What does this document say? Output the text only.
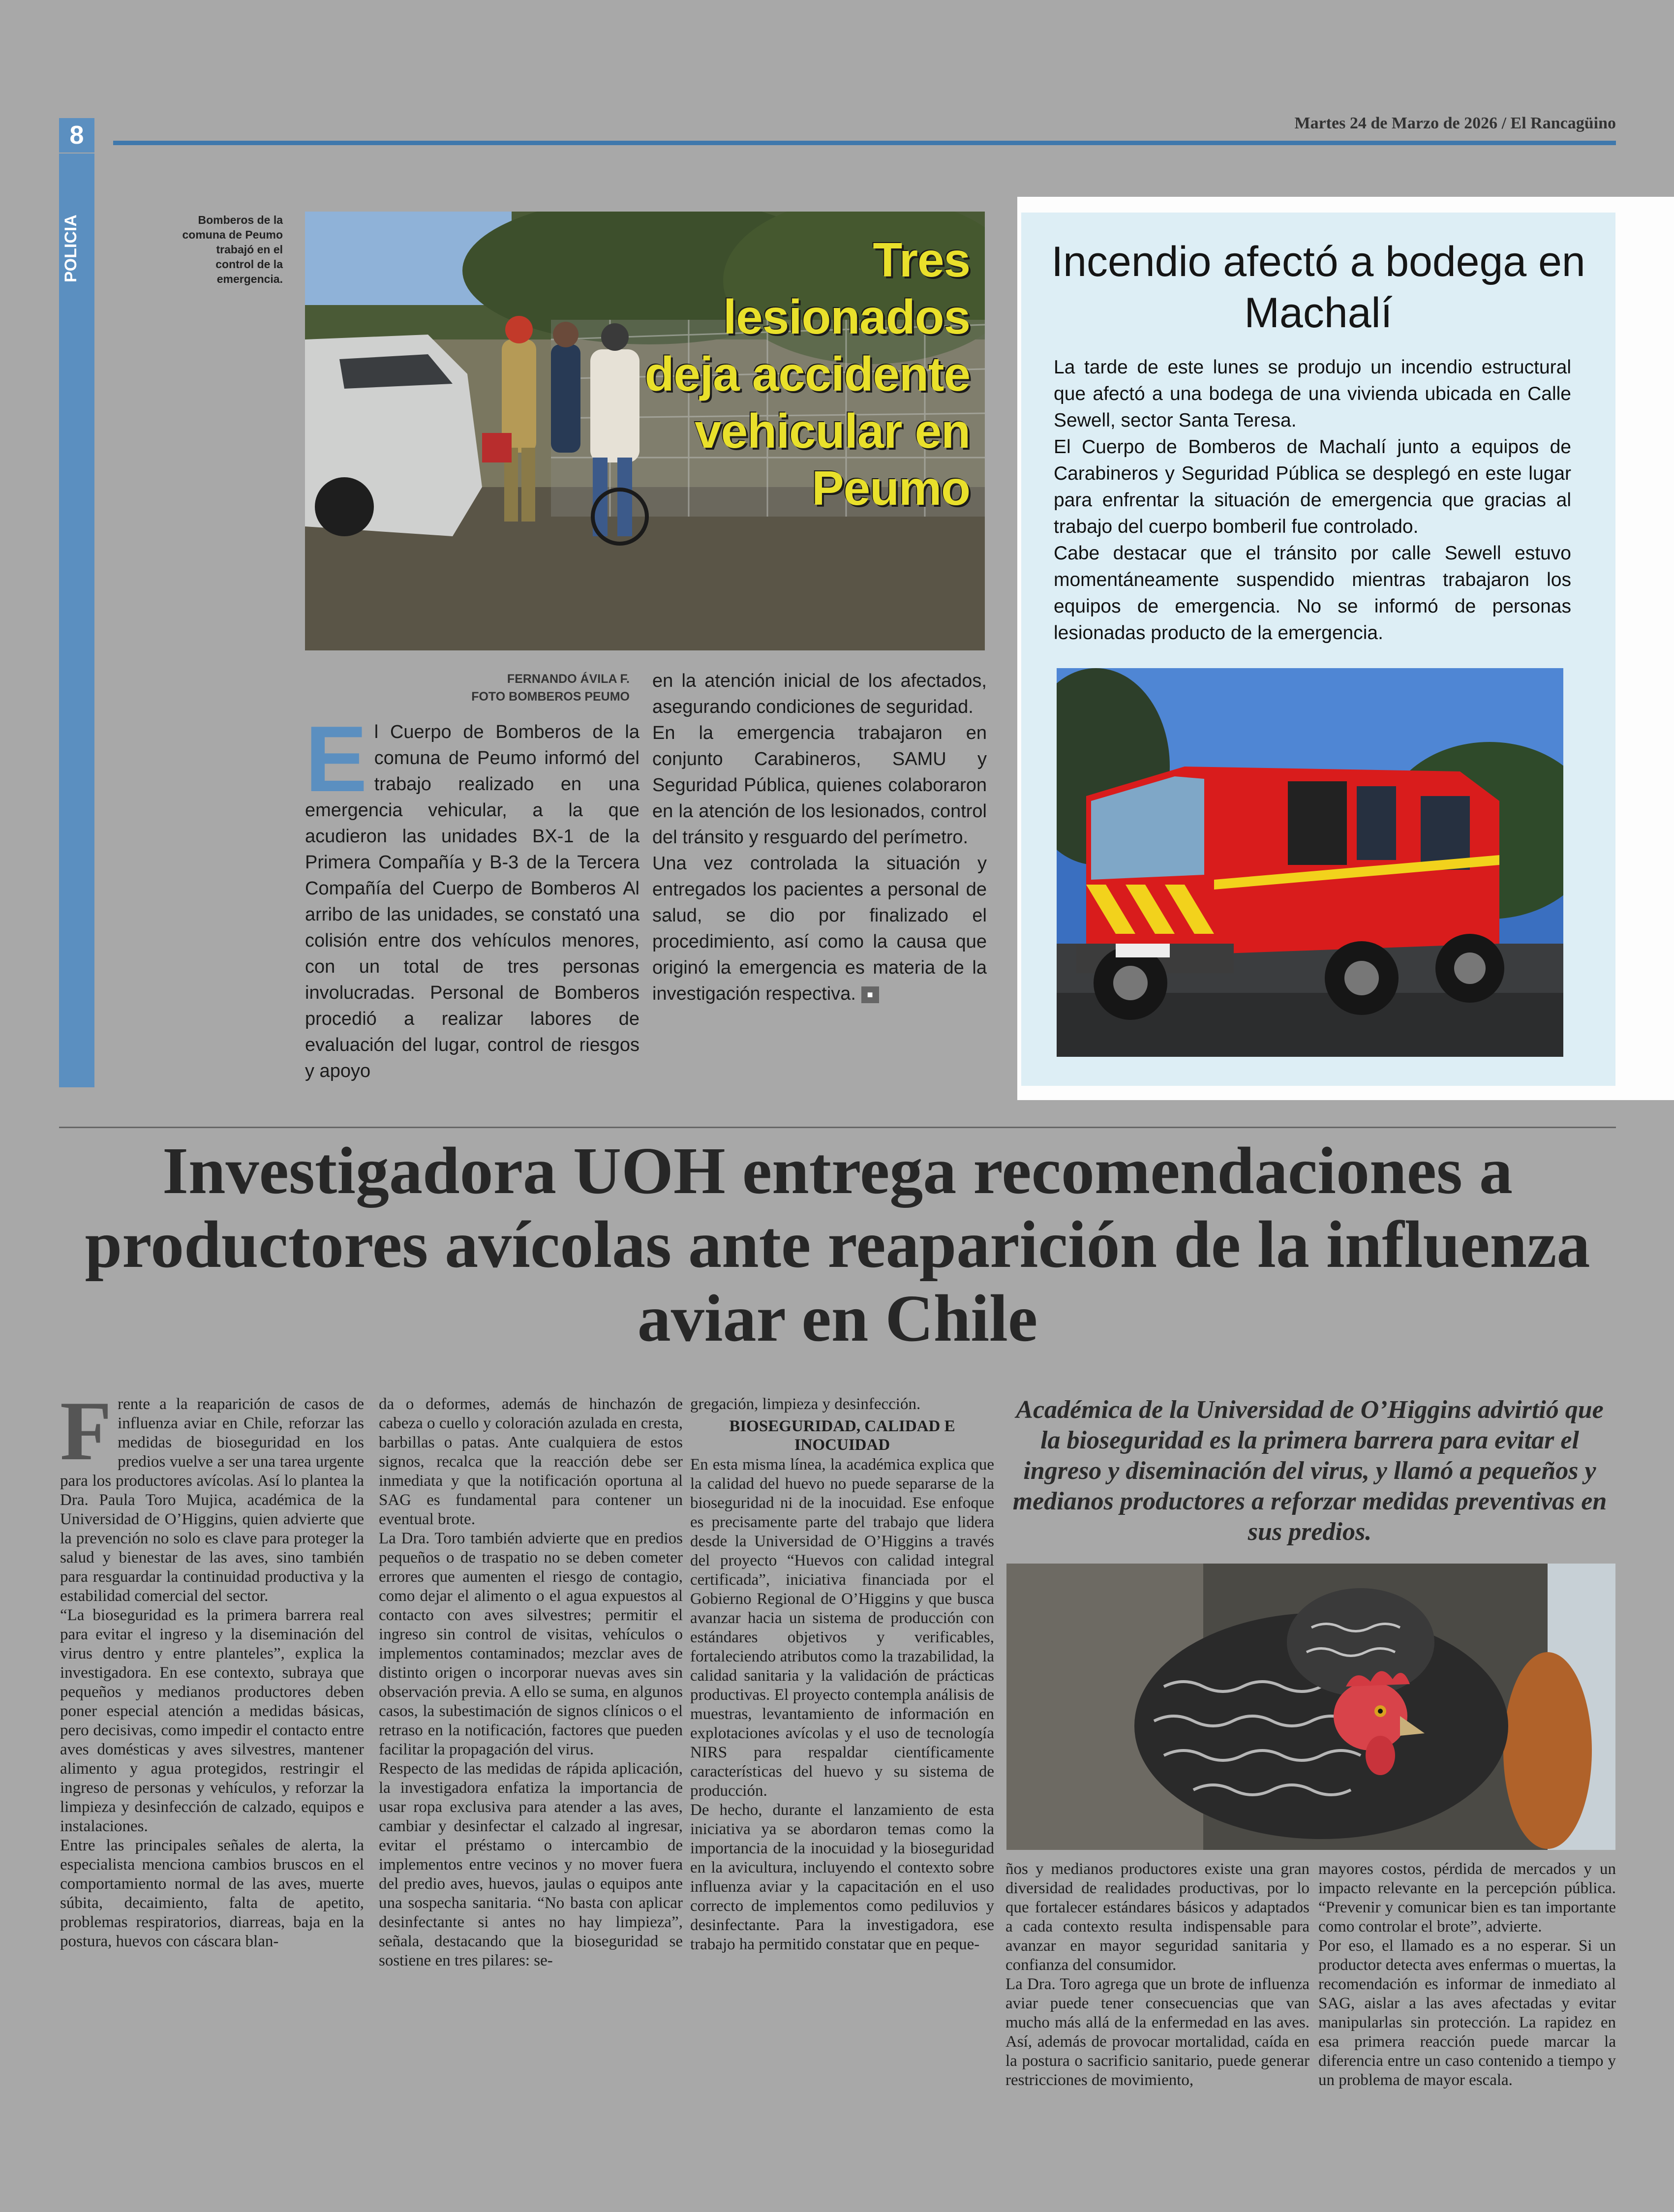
8	Martes 24 de Marzo de 2026 / El Rancagüino
POLICIA	Bomberos de la comuna de Peumo trabajó en el control de la emergencia.	Tres lesionados deja accidente vehicular en Peumo
FERNANDO ÁVILA F.
FOTO BOMBEROS PEUMO
E l Cuerpo de Bomberos de la comuna de Peumo informó del trabajo realizado en una emergencia vehicular, a la que acudieron las unidades BX-1 de la Primera Compañía y B-3 de la Tercera Compañía del Cuerpo de Bomberos Al arribo de las unidades, se constató una colisión entre dos vehículos menores, con un total de tres personas involucradas. Personal de Bomberos procedió a realizar labores de evaluación del lugar, control de riesgos y apoyo

en la atención inicial de los afectados, asegurando condiciones de seguridad.

En la emergencia trabajaron en conjunto Carabineros, SAMU y Seguridad Pública, quienes colaboraron en la atención de los lesionados, control del tránsito y resguardo del perímetro.

Una vez controlada la situación y entregados los pacientes a personal de salud, se dio por finalizado el procedimiento, así como la causa que originó la emergencia es materia de la investigación respectiva. ■

Incendio afectó a bodega en Machalí

La tarde de este lunes se produjo un incendio estructural que afectó a una bodega de una vivienda ubicada en Calle Sewell, sector Santa Teresa.

El Cuerpo de Bomberos de Machalí junto a equipos de Carabineros y Seguridad Pública se desplegó en este lugar para enfrentar la situación de emergencia que gracias al trabajo del cuerpo bomberil fue controlado.

Cabe destacar que el tránsito por calle Sewell estuvo momentáneamente suspendido mientras trabajaron los equipos de emergencia. No se informó de personas lesionadas producto de la emergencia.

Investigadora UOH entrega recomendaciones a productores avícolas ante reaparición de la influenza aviar en Chile

Frente a la reaparición de casos de influenza aviar en Chile, reforzar las medidas de bioseguridad en los predios vuelve a ser una tarea urgente para los productores avícolas. Así lo plantea la Dra. Paula Toro Mujica, académica de la Universidad de O’Higgins, quien advierte que la prevención no solo es clave para proteger la salud y bienestar de las aves, sino también para resguardar la continuidad productiva y la estabilidad comercial del sector.

“La bioseguridad es la primera barrera real para evitar el ingreso y la diseminación del virus dentro y entre planteles”, explica la investigadora. En ese contexto, subraya que pequeños y medianos productores deben poner especial atención a medidas básicas, pero decisivas, como impedir el contacto entre aves domésticas y aves silvestres, mantener alimento y agua protegidos, restringir el ingreso de personas y vehículos, y reforzar la limpieza y desinfección de calzado, equipos e instalaciones.

Entre las principales señales de alerta, la especialista menciona cambios bruscos en el comportamiento normal de las aves, muerte súbita, decaimiento, falta de apetito, problemas respiratorios, diarreas, baja en la postura, huevos con cáscara blan-

da o deformes, además de hinchazón de cabeza o cuello y coloración azulada en cresta, barbillas o patas. Ante cualquiera de estos signos, recalca que la reacción debe ser inmediata y que la notificación oportuna al SAG es fundamental para contener un eventual brote.

La Dra. Toro también advierte que en predios pequeños o de traspatio no se deben cometer errores que aumenten el riesgo de contagio, como dejar el alimento o el agua expuestos al contacto con aves silvestres; permitir el ingreso sin control de visitas, vehículos o implementos contaminados; mezclar aves de distinto origen o incorporar nuevas aves sin observación previa. A ello se suma, en algunos casos, la subestimación de signos clínicos o el retraso en la notificación, factores que pueden facilitar la propagación del virus.

Respecto de las medidas de rápida aplicación, la investigadora enfatiza la importancia de usar ropa exclusiva para atender a las aves, cambiar y desinfectar el calzado al ingresar, evitar el préstamo o intercambio de implementos entre vecinos y no mover fuera del predio aves, huevos, jaulas o equipos ante una sospecha sanitaria. “No basta con aplicar desinfectante si antes no hay limpieza”, señala, destacando que la bioseguridad se sostiene en tres pilares: se-

gregación, limpieza y desinfección.

BIOSEGURIDAD, CALIDAD E INOCUIDAD

En esta misma línea, la académica explica que la calidad del huevo no puede separarse de la bioseguridad ni de la inocuidad. Ese enfoque es precisamente parte del trabajo que lidera desde la Universidad de O’Higgins a través del proyecto “Huevos con calidad integral certificada”, iniciativa financiada por el Gobierno Regional de O’Higgins y que busca avanzar hacia un sistema de producción con estándares objetivos y verificables, fortaleciendo atributos como la trazabilidad, la calidad sanitaria y la validación de prácticas productivas. El proyecto contempla análisis de muestras, levantamiento de información en explotaciones avícolas y el uso de tecnología NIRS para respaldar científicamente características del huevo y su sistema de producción.

De hecho, durante el lanzamiento de esta iniciativa ya se abordaron temas como la importancia de la inocuidad y la bioseguridad en la avicultura, incluyendo el contexto sobre influenza aviar y la capacitación en el uso correcto de implementos como pediluvios y desinfectante. Para la investigadora, ese trabajo ha permitido constatar que en peque-

Académica de la Universidad de O’Higgins advirtió que la bioseguridad es la primera barrera para evitar el ingreso y diseminación del virus, y llamó a pequeños y medianos productores a reforzar medidas preventivas en sus predios.

ños y medianos productores existe una gran diversidad de realidades productivas, por lo que fortalecer estándares básicos y adaptados a cada contexto resulta indispensable para avanzar en mayor seguridad sanitaria y confianza del consumidor.

La Dra. Toro agrega que un brote de influenza aviar puede tener consecuencias que van mucho más allá de la enfermedad en las aves. Así, además de provocar mortalidad, caída en la postura o sacrificio sanitario, puede generar restricciones de movimiento,

mayores costos, pérdida de mercados y un impacto relevante en la percepción pública. “Prevenir y comunicar bien es tan importante como controlar el brote”, advierte.

Por eso, el llamado es a no esperar. Si un productor detecta aves enfermas o muertas, la recomendación es informar de inmediato al SAG, aislar a las aves afectadas y evitar manipularlas sin protección. La rapidez en esa primera reacción puede marcar la diferencia entre un caso contenido a tiempo y un problema de mayor escala.
